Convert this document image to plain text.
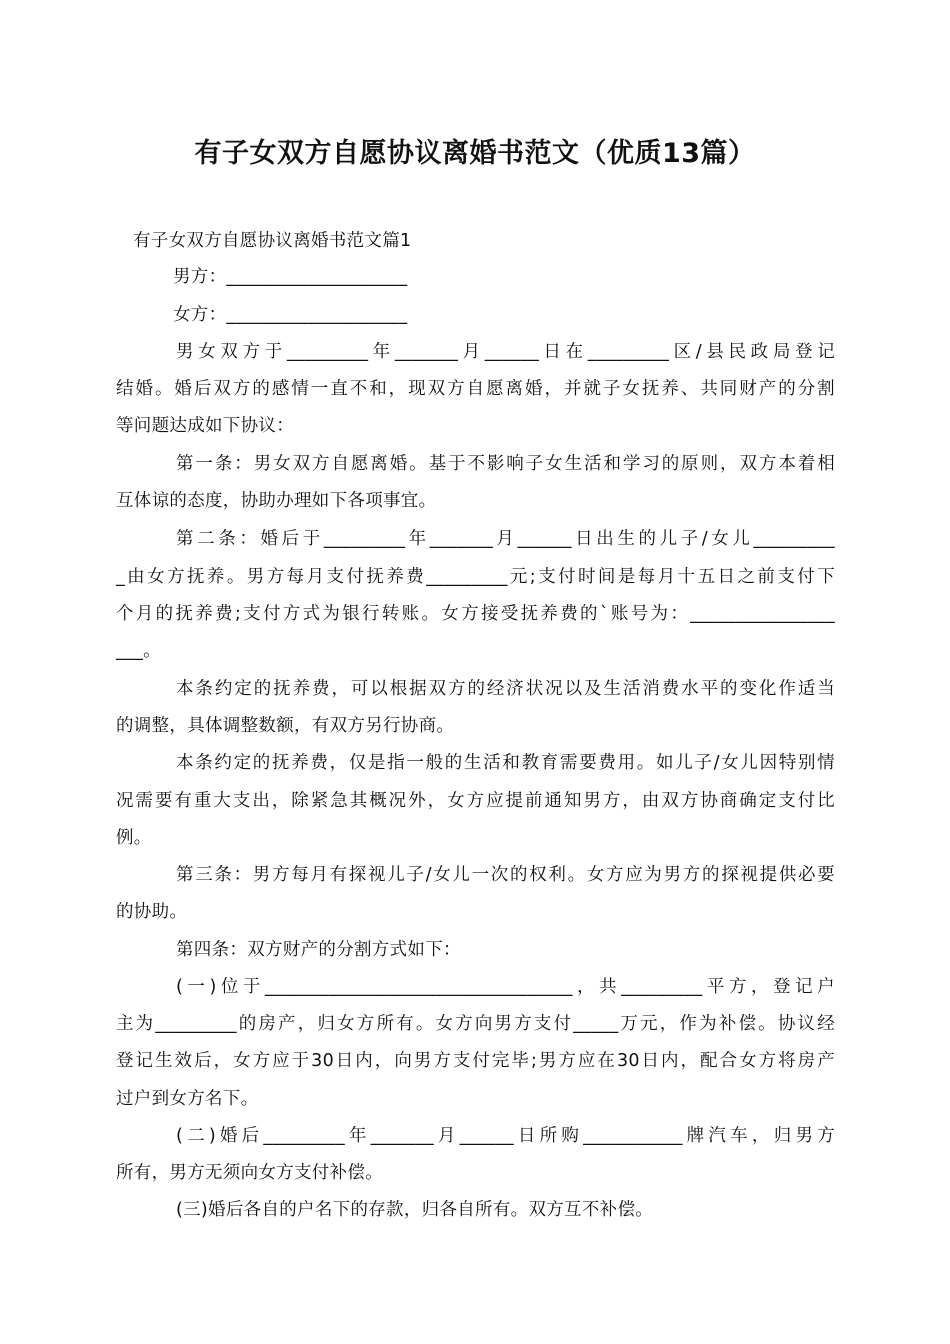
有子女双方自愿协议离婚书范文（优质13篇）
有子女双方自愿协议离婚书范文篇1
男方：____________________
女方：____________________
男女双方于_________年_______月______日在_________区/县民政局登记
结婚。婚后双方的感情一直不和，现双方自愿离婚，并就子女抚养、共同财产的分割
等问题达成如下协议：
第一条：男女双方自愿离婚。基于不影响子女生活和学习的原则，双方本着相
互体谅的态度，协助办理如下各项事宜。
第二条：婚后于_________年_______月______日出生的儿子/女儿_________
_由女方抚养。男方每月支付抚养费_________元;支付时间是每月十五日之前支付下
个月的抚养费;支付方式为银行转账。女方接受抚养费的`账号为：________________
___。
本条约定的抚养费，可以根据双方的经济状况以及生活消费水平的变化作适当
的调整，具体调整数额，有双方另行协商。
本条约定的抚养费，仅是指一般的生活和教育需要费用。如儿子/女儿因特别情
况需要有重大支出，除紧急其概况外，女方应提前通知男方，由双方协商确定支付比
例。
第三条：男方每月有探视儿子/女儿一次的权利。女方应为男方的探视提供必要
的协助。
第四条：双方财产的分割方式如下：
(一)位于__________________________________，共_________平方，登记户
主为_________的房产，归女方所有。女方向男方支付_____万元，作为补偿。协议经
登记生效后，女方应于30日内，向男方支付完毕;男方应在30日内，配合女方将房产
过户到女方名下。
(二)婚后_________年_______月______日所购___________牌汽车，归男方
所有，男方无须向女方支付补偿。
(三)婚后各自的户名下的存款，归各自所有。双方互不补偿。
